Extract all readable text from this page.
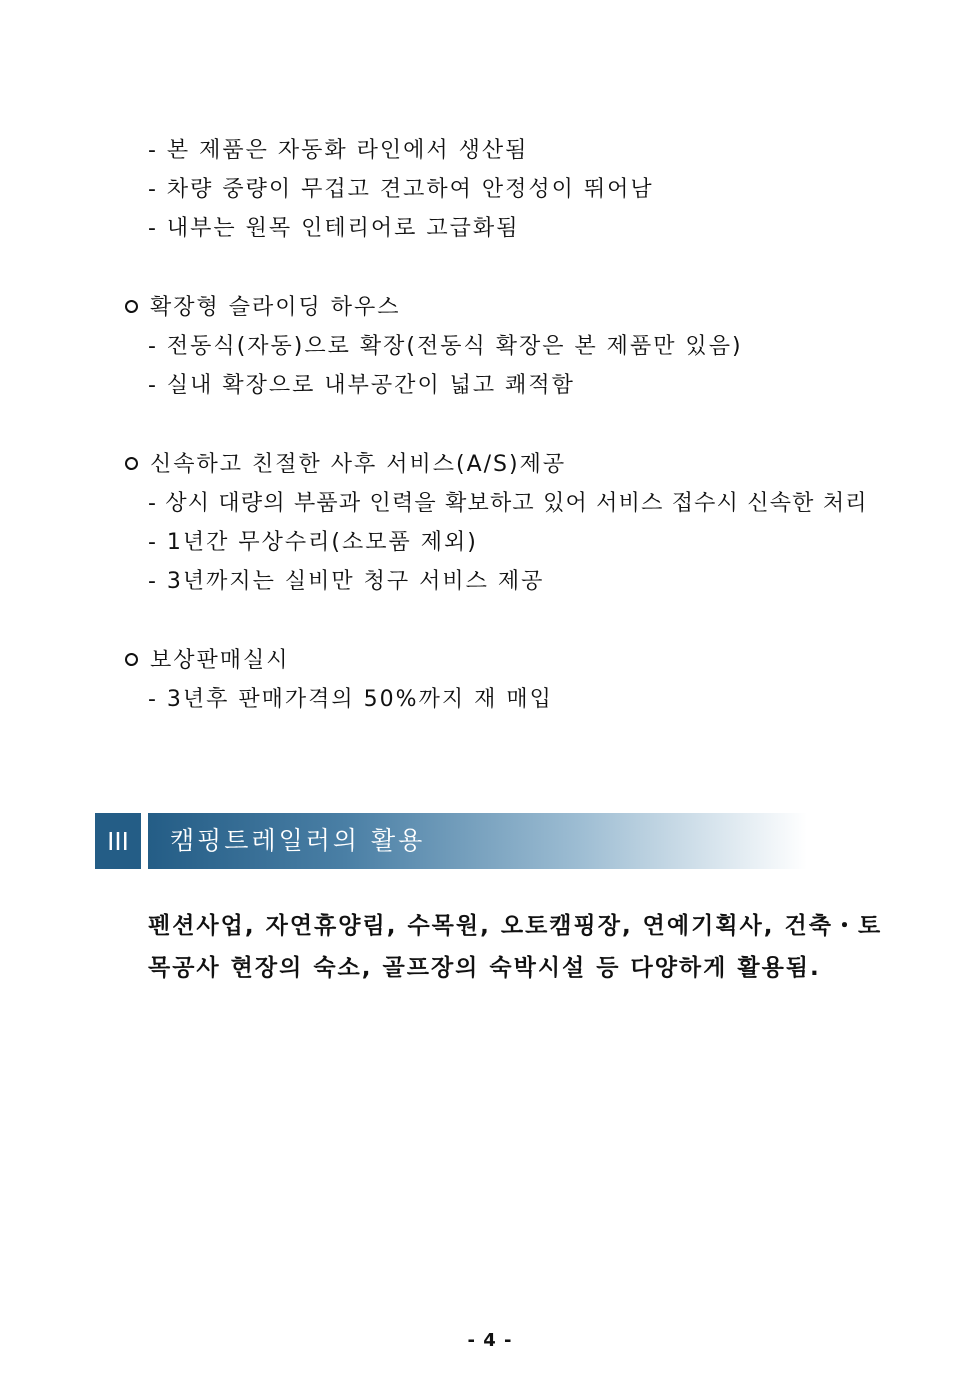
- 본 제품은 자동화 라인에서 생산됨
- 차량 중량이 무겁고 견고하여 안정성이 뛰어남
- 내부는 원목 인테리어로 고급화됨
확장형 슬라이딩 하우스
- 전동식(자동)으로 확장(전동식 확장은 본 제품만 있음)
- 실내 확장으로 내부공간이 넓고 쾌적함
신속하고 친절한 사후 서비스(A/S)제공
- 상시 대량의 부품과 인력을 확보하고 있어 서비스 접수시 신속한 처리
- 1년간 무상수리(소모품 제외)
- 3년까지는 실비만 청구 서비스 제공
보상판매실시
- 3년후 판매가격의 50%까지 재 매입
III	캠핑트레일러의 활용

펜션사업, 자연휴양림, 수목원, 오토캠핑장, 연예기획사, 건축・토목공사 현장의 숙소, 골프장의 숙박시설 등 다양하게 활용됨.

- 4 -
